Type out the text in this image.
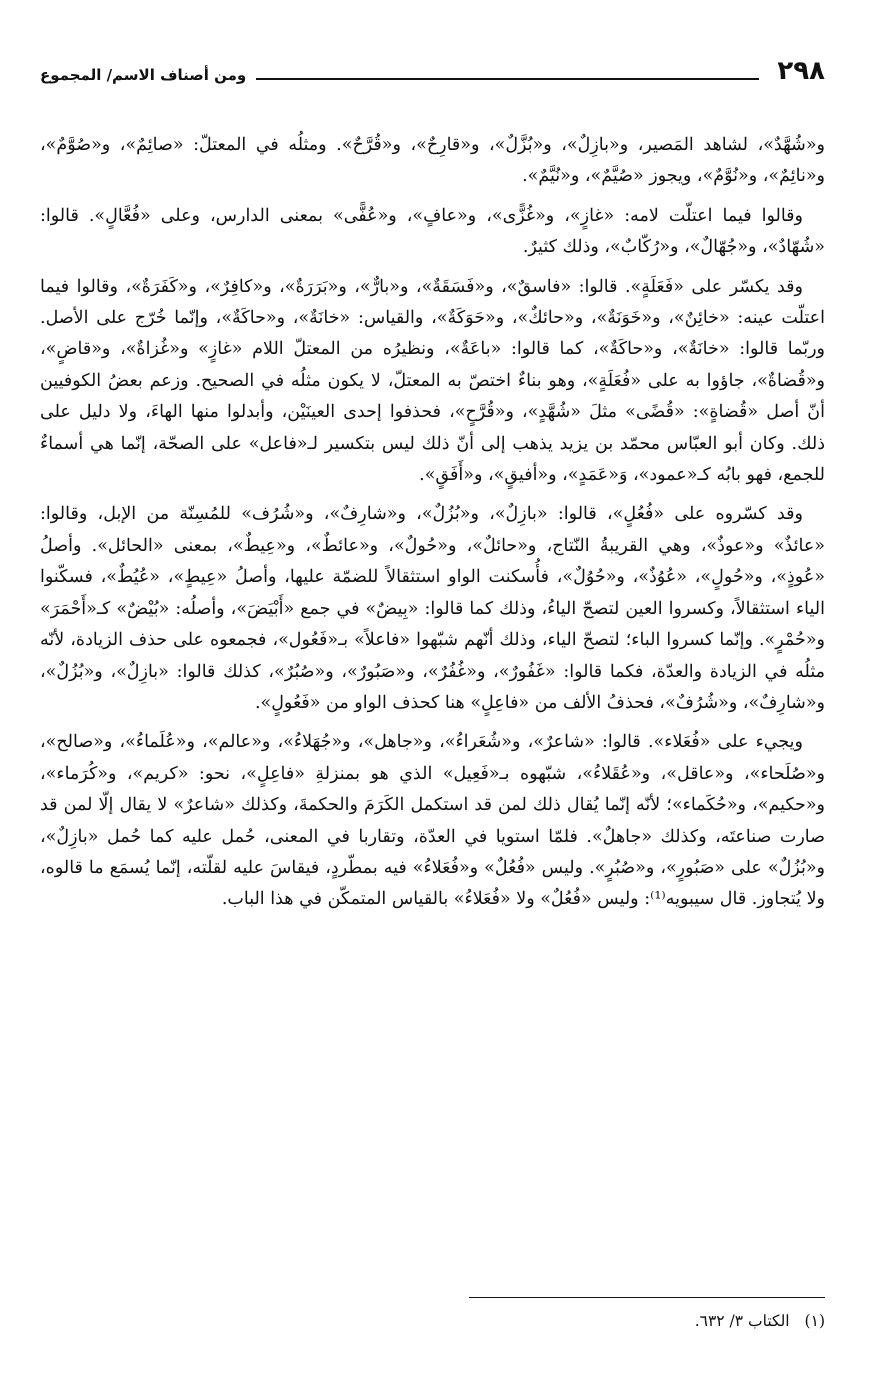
٢٩٨
ومن أصناف الاسم/ المجموع

و«شُهَّدٌ»، لشاهد المَصير، و«بازِلٌ»، و«بُزَّلٌ»، و«قارِحٌ»، و«قُرَّحٌ». ومثلُه في المعتلّ: «صائِمٌ»، و«صُوَّمٌ»، و«نائِمٌ»، و«نُوَّمٌ»، ويجوز «صُيَّمٌ»، و«نُيَّمٌ».

وقالوا فيما اعتلّت لامه: «غازٍ»، و«غُزًّى»، و«عافٍ»، و«عُفًّى» بمعنى الدارس، وعلى «فُعَّالٍ». قالوا: «شُهّادٌ»، و«جُهّالٌ»، و«رُكّابٌ»، وذلك كثيرٌ.

وقد يكسّر على «فَعَلَةٍ». قالوا: «فاسقٌ»، و«فَسَقَةٌ»، و«بارٌّ»، و«بَرَرَةٌ»، و«كافِرٌ»، و«كَفَرَةٌ»، وقالوا فيما اعتلّت عينه: «خائِنٌ»، و«خَوَنَةٌ»، و«حائكٌ»، و«حَوَكَةٌ»، والقياس: «خانَةٌ»، و«حاكَةٌ»، وإنّما خُرّج على الأصل. وربّما قالوا: «خانَةٌ»، و«حاكَةٌ»، كما قالوا: «باعَةٌ»، ونظيرُه من المعتلّ اللام «غازٍ» و«غُزاةٌ»، و«قاضٍ»، و«قُضاةٌ»، جاؤوا به على «فُعَلَةٍ»، وهو بناءٌ اختصّ به المعتلّ، لا يكون مثلُه في الصحيح. وزعم بعضُ الكوفيين أنّ أصل «قُضاةٍ»: «قُضًى» مثلَ «شُهَّدٍ»، و«قُرَّحٍ»، فحذفوا إحدى العينَيْن، وأبدلوا منها الهاءَ، ولا دليل على ذلك. وكان أبو العبّاس محمّد بن يزيد يذهب إلى أنّ ذلك ليس بتكسير لـ«فاعل» على الصحّة، إنّما هي أسماءٌ للجمع، فهو بابُه كـ«عمود»، وَ«عَمَدٍ»، و«أفيقٍ»، و«أَفَقٍ».

وقد كسّروه على «فُعُلٍ»، قالوا: «بازِلٌ»، و«بُزُلٌ»، و«شارِفٌ»، و«شُرُف» للمُسِنّة من الإبل، وقالوا: «عائذٌ» و«عوذٌ»، وهي القريبةُ النّتاج، و«حائلٌ»، و«حُولٌ»، و«عائطٌ»، و«عِيطٌ»، بمعنى «الحائل». وأصلُ «عُوذٍ»، و«حُولٍ»، «عُوُذٌ»، و«حُوُلٌ»، فأُسكنت الواو استثقالاً للضمّة عليها، وأصلُ «عِيطٍ»، «عُيُطٌ»، فسكّنوا الياء استثقالاً، وكسروا العين لتصحّ الياءُ، وذلك كما قالوا: «بِيضٌ» في جمع «أَبْيَضَ»، وأصلُه: «بُيْضٌ» كـ«أَحْمَرَ» و«حُمْرٍ». وإنّما كسروا الباء؛ لتصحّ الياء، وذلك أنّهم شبّهوا «فاعلاً» بـ«فَعُول»، فجمعوه على حذف الزيادة، لأنّه مثلُه في الزيادة والعدّة، فكما قالوا: «غَفُورٌ»، و«غُفُرٌ»، و«صَبُورٌ»، و«صُبُرٌ»، كذلك قالوا: «بازِلٌ»، و«بُزُلٌ»، و«شارِفٌ»، و«شُرُفٌ»، فحذفُ الألف من «فاعِلٍ» هنا كحذف الواو من «فَعُولٍ».

ويجيء على «فُعَلاء». قالوا: «شاعرٌ»، و«شُعَراءُ»، و«جاهل»، و«جُهَلاءُ»، و«عالم»، و«عُلَماءُ»، و«صالح»، و«صُلَحاء»، و«عاقل»، و«عُقَلاءُ»، شبّهوه بـ«فَعِيل» الذي هو بمنزلةِ «فاعِلٍ»، نحو: «كريم»، و«كُرَماء»، و«حكيم»، و«حُكَماء»؛ لأنّه إنّما يُقال ذلك لمن قد استكمل الكَرَمَ والحكمةَ، وكذلك «شاعرٌ» لا يقال إلّا لمن قد صارت صناعتَه، وكذلك «جاهلٌ». فلمّا استويا في العدّة، وتقاربا في المعنى، حُمل عليه كما حُمل «بازِلٌ»، و«بُزُلٌ» على «صَبُورٍ»، و«صُبُرٍ». وليس «فُعُلٌ» و«فُعَلاءُ» فيه بمطّردٍ، فيقاسَ عليه لقلّته، إنّما يُسمَع ما قالوه، ولا يُتجاوز. قال سيبويه⁽¹⁾: وليس «فُعُلٌ» ولا «فُعَلاءُ» بالقياس المتمكّن في هذا الباب.

(١) الكتاب ٣/ ٦٣٢.
